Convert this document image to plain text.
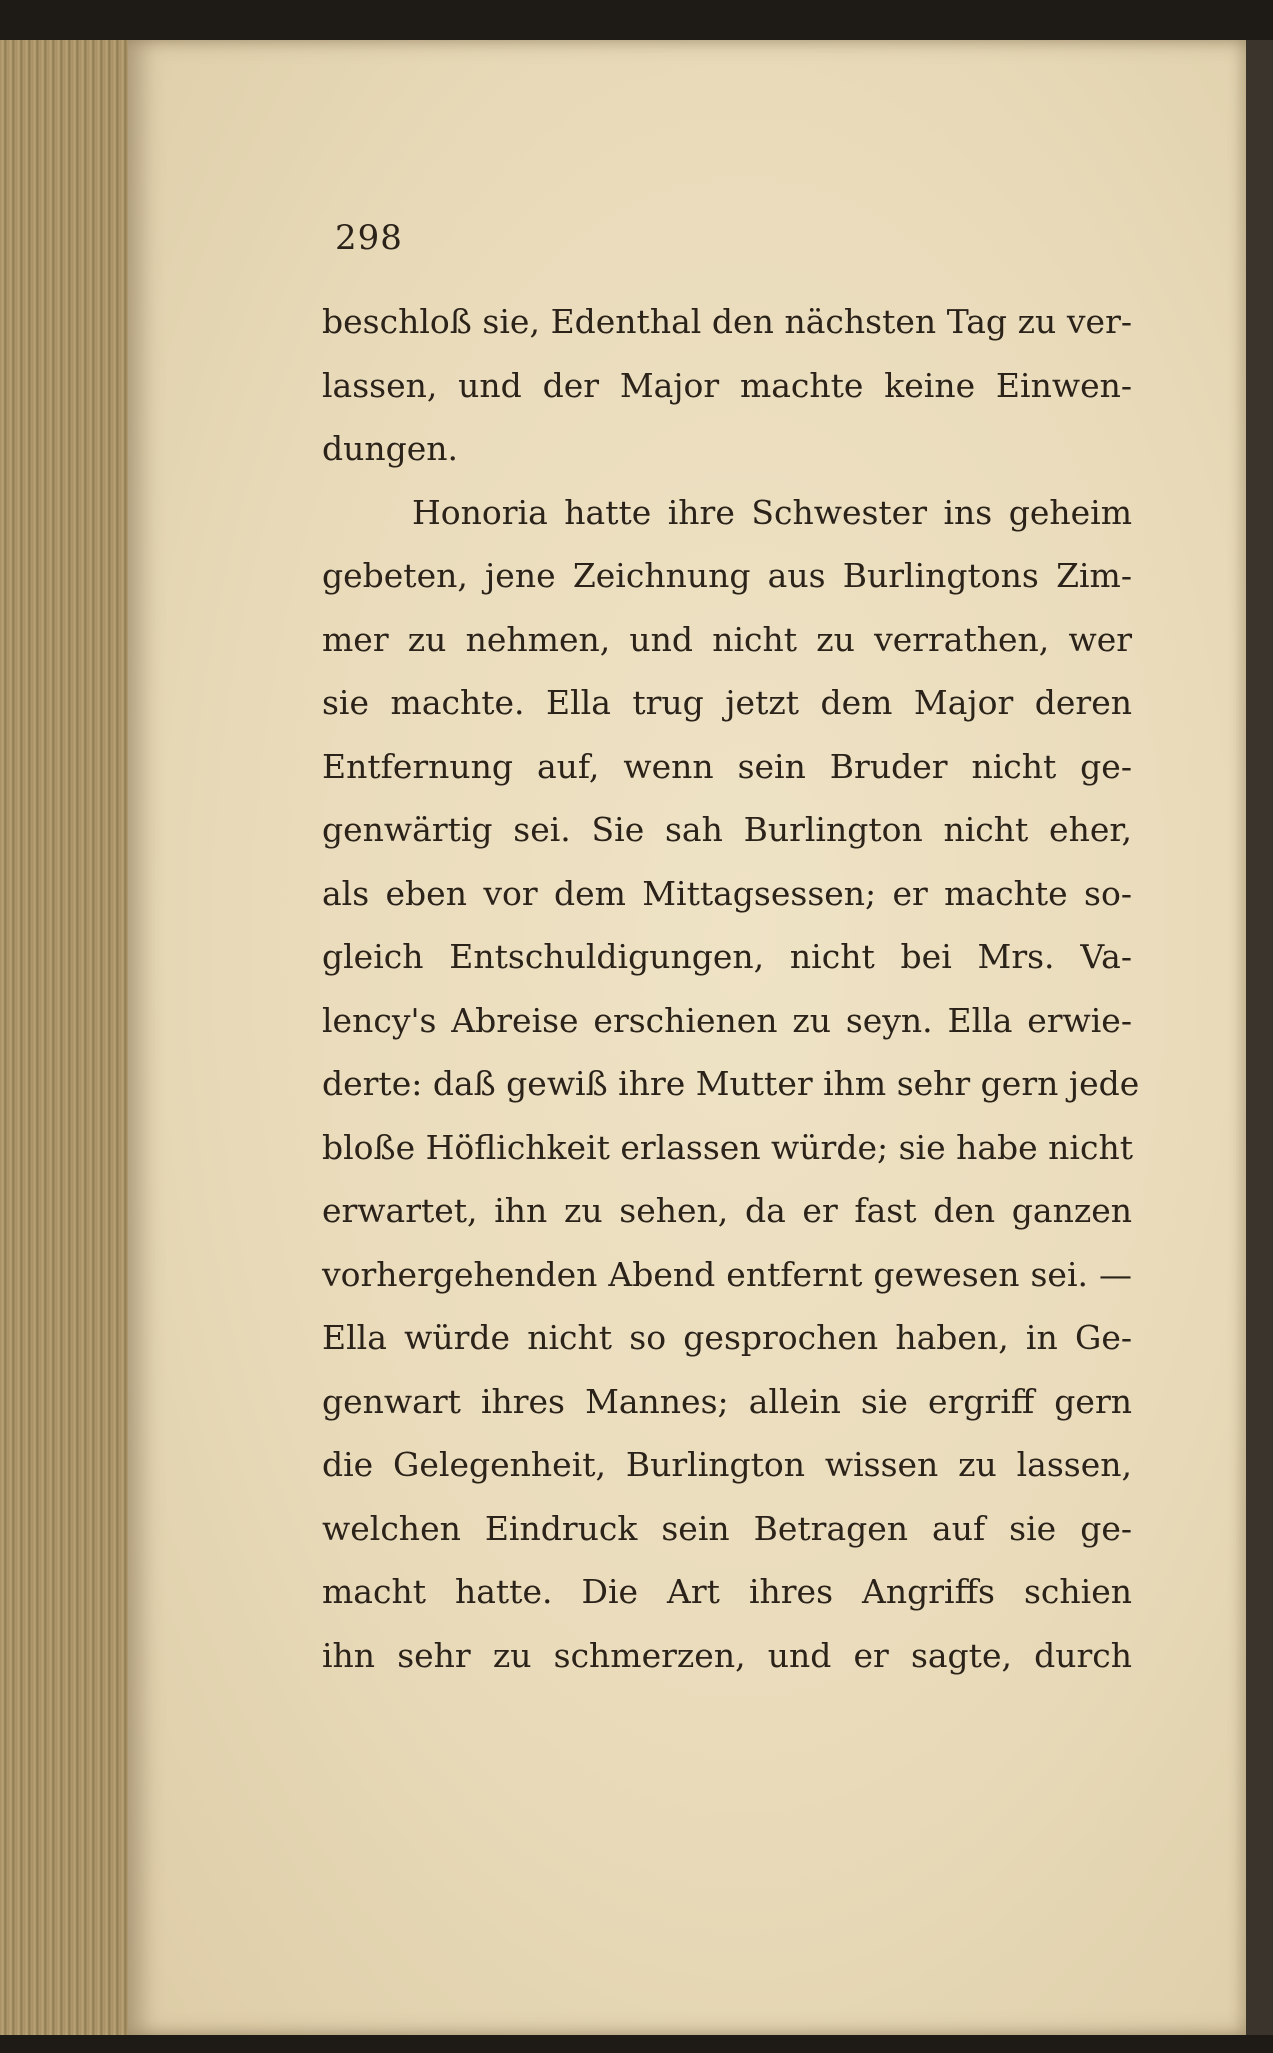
298
beschloß sie, Edenthal den nächsten Tag zu ver-
lassen, und der Major machte keine Einwen-
dungen.
Honoria hatte ihre Schwester ins geheim
gebeten, jene Zeichnung aus Burlingtons Zim-
mer zu nehmen, und nicht zu verrathen, wer
sie machte. Ella trug jetzt dem Major deren
Entfernung auf, wenn sein Bruder nicht ge-
genwärtig sei. Sie sah Burlington nicht eher,
als eben vor dem Mittagsessen; er machte so-
gleich Entschuldigungen, nicht bei Mrs. Va-
lency's Abreise erschienen zu seyn. Ella erwie-
derte: daß gewiß ihre Mutter ihm sehr gern jede
bloße Höflichkeit erlassen würde; sie habe nicht
erwartet, ihn zu sehen, da er fast den ganzen
vorhergehenden Abend entfernt gewesen sei. —
Ella würde nicht so gesprochen haben, in Ge-
genwart ihres Mannes; allein sie ergriff gern
die Gelegenheit, Burlington wissen zu lassen,
welchen Eindruck sein Betragen auf sie ge-
macht hatte. Die Art ihres Angriffs schien
ihn sehr zu schmerzen, und er sagte, durch
